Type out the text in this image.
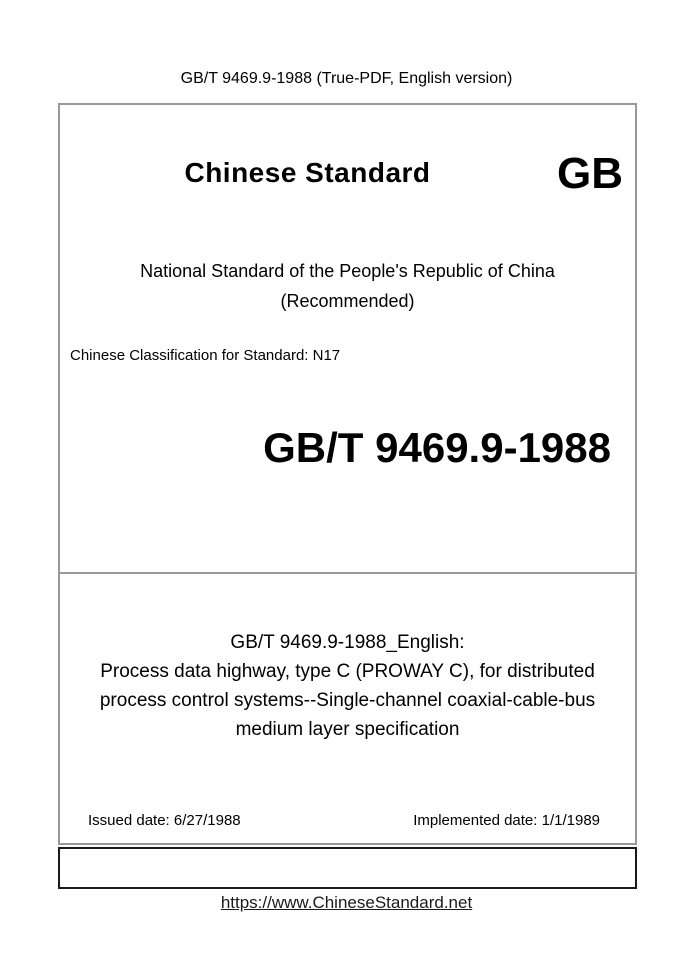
GB/T 9469.9-1988 (True-PDF, English version)
Chinese Standard	GB
National Standard of the People's Republic of China
(Recommended)
Chinese Classification for Standard: N17
GB/T 9469.9-1988
GB/T 9469.9-1988_English:
Process data highway, type C (PROWAY C), for distributed
process control systems--Single-channel coaxial-cable-bus
medium layer specification
Issued date: 6/27/1988	Implemented date: 1/1/1989
https://www.ChineseStandard.net
